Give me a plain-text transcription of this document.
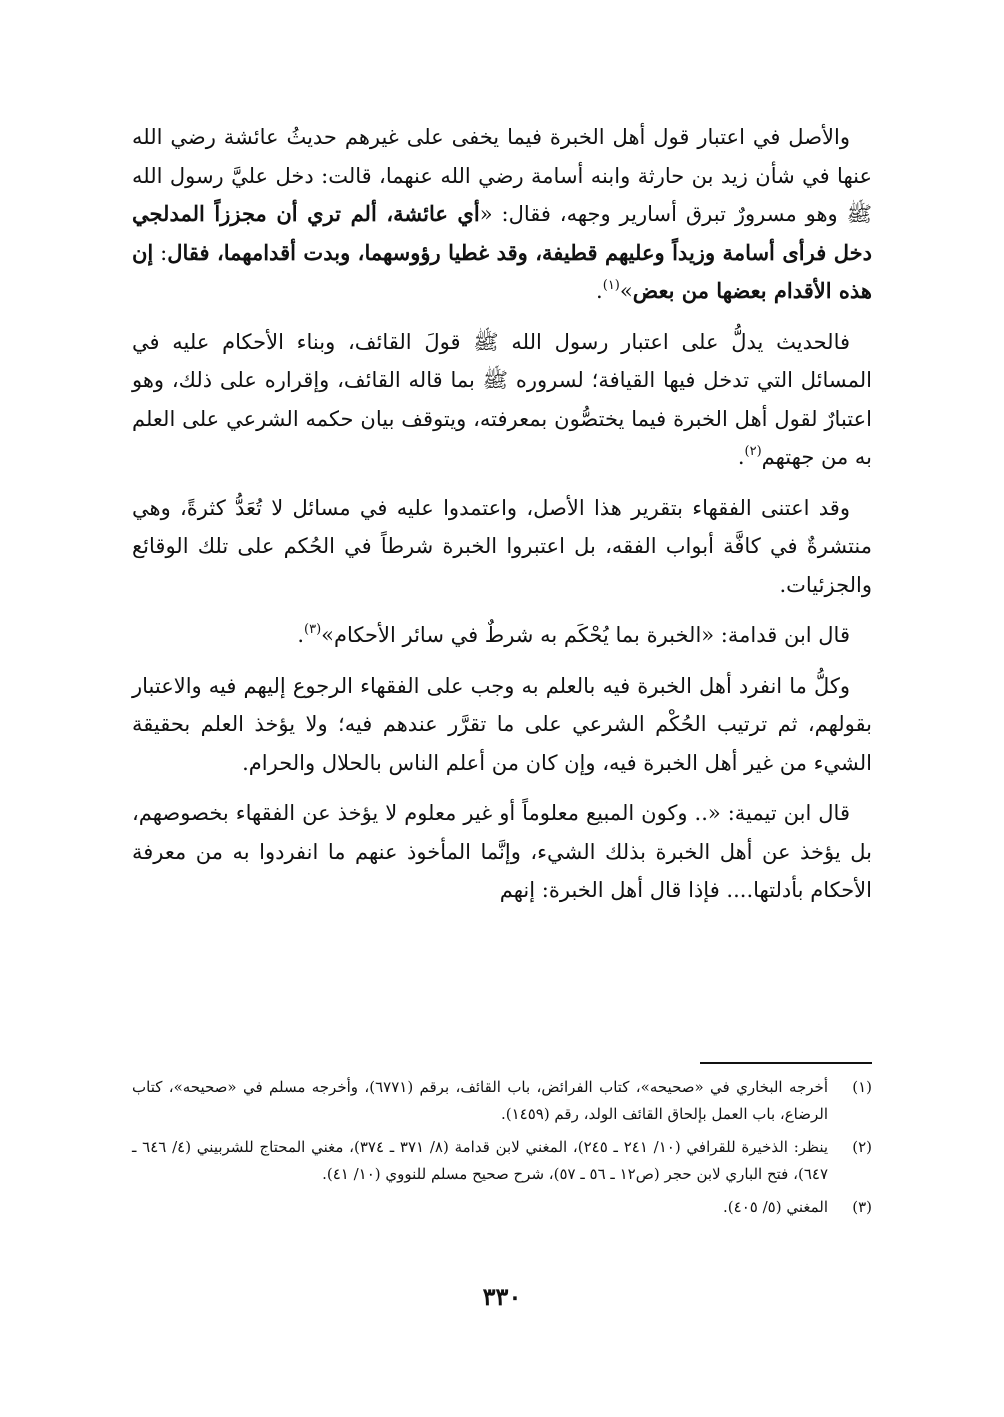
والأصل في اعتبار قول أهل الخبرة فيما يخفى على غيرهم حديثُ عائشة رضي الله عنها في شأن زيد بن حارثة وابنه أسامة رضي الله عنهما، قالت: دخل عليَّ رسول الله ﷺ وهو مسرورٌ تبرق أسارير وجهه، فقال: «أي عائشة، ألم تري أن مجززاً المدلجي دخل فرأى أسامة وزيداً وعليهم قطيفة، وقد غطيا رؤوسهما، وبدت أقدامهما، فقال: إن هذه الأقدام بعضها من بعض»$^{(١)}$.

فالحديث يدلُّ على اعتبار رسول الله ﷺ قولَ القائف، وبناء الأحكام عليه في المسائل التي تدخل فيها القيافة؛ لسروره ﷺ بما قاله القائف، وإقراره على ذلك، وهو اعتبارٌ لقول أهل الخبرة فيما يختصُّون بمعرفته، ويتوقف بيان حكمه الشرعي على العلم به من جهتهم$^{(٢)}$.

وقد اعتنى الفقهاء بتقرير هذا الأصل، واعتمدوا عليه في مسائل لا تُعَدُّ كثرةً، وهي منتشرةٌ في كافَّة أبواب الفقه، بل اعتبروا الخبرة شرطاً في الحُكم على تلك الوقائع والجزئيات.

قال ابن قدامة: «الخبرة بما يُحْكَم به شرطٌ في سائر الأحكام»$^{(٣)}$.

وكلُّ ما انفرد أهل الخبرة فيه بالعلم به وجب على الفقهاء الرجوع إليهم فيه والاعتبار بقولهم، ثم ترتيب الحُكْم الشرعي على ما تقرَّر عندهم فيه؛ ولا يؤخذ العلم بحقيقة الشيء من غير أهل الخبرة فيه، وإن كان من أعلم الناس بالحلال والحرام.

قال ابن تيمية: «.. وكون المبيع معلوماً أو غير معلوم لا يؤخذ عن الفقهاء بخصوصهم، بل يؤخذ عن أهل الخبرة بذلك الشيء، وإنَّما المأخوذ عنهم ما انفردوا به من معرفة الأحكام بأدلتها.... فإذا قال أهل الخبرة: إنهم

(١)
أخرجه البخاري في «صحيحه»، كتاب الفرائض، باب القائف، برقم (٦٧٧١)، وأخرجه مسلم في «صحيحه»، كتاب الرضاع، باب العمل بإلحاق القائف الولد، رقم (١٤٥٩).
(٢)
ينظر: الذخيرة للقرافي (١٠/ ٢٤١ ـ ٢٤٥)، المغني لابن قدامة (٨/ ٣٧١ ـ ٣٧٤)، مغني المحتاج للشربيني (٤/ ٦٤٦ ـ ٦٤٧)، فتح الباري لابن حجر (ص١٢ ـ ٥٦ ـ ٥٧)، شرح صحيح مسلم للنووي (١٠/ ٤١).
(٣)
المغني (٥/ ٤٠٥).
٣٣٠
